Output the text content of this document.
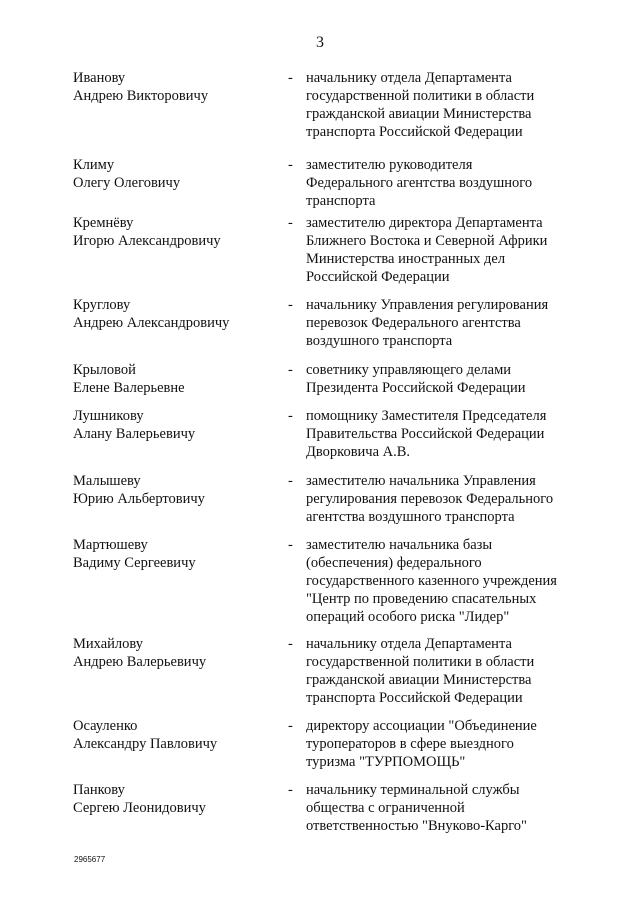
3
Иванову
Андрею Викторовичу
- начальнику отдела Департамента
государственной политики в области
гражданской авиации Министерства
транспорта Российской Федерации
Климу
Олегу Олеговичу
- заместителю руководителя
Федерального агентства воздушного
транспорта
Кремнёву
Игорю Александровичу
- заместителю директора Департамента
Ближнего Востока и Северной Африки
Министерства иностранных дел
Российской Федерации
Круглову
Андрею Александровичу
- начальнику Управления регулирования
перевозок Федерального агентства
воздушного транспорта
Крыловой
Елене Валерьевне
- советнику управляющего делами
Президента Российской Федерации
Лушникову
Алану Валерьевичу
- помощнику Заместителя Председателя
Правительства Российской Федерации
Дворковича А.В.
Малышеву
Юрию Альбертовичу
- заместителю начальника Управления
регулирования перевозок Федерального
агентства воздушного транспорта
Мартюшеву
Вадиму Сергеевичу
- заместителю начальника базы
(обеспечения) федерального
государственного казенного учреждения
"Центр по проведению спасательных
операций особого риска "Лидер"
Михайлову
Андрею Валерьевичу
- начальнику отдела Департамента
государственной политики в области
гражданской авиации Министерства
транспорта Российской Федерации
Осауленко
Александру Павловичу
- директору ассоциации "Объединение
туроператоров в сфере выездного
туризма "ТУРПОМОЩЬ"
Панкову
Сергею Леонидовичу
- начальнику терминальной службы
общества с ограниченной
ответственностью "Внуково-Карго"
2965677
